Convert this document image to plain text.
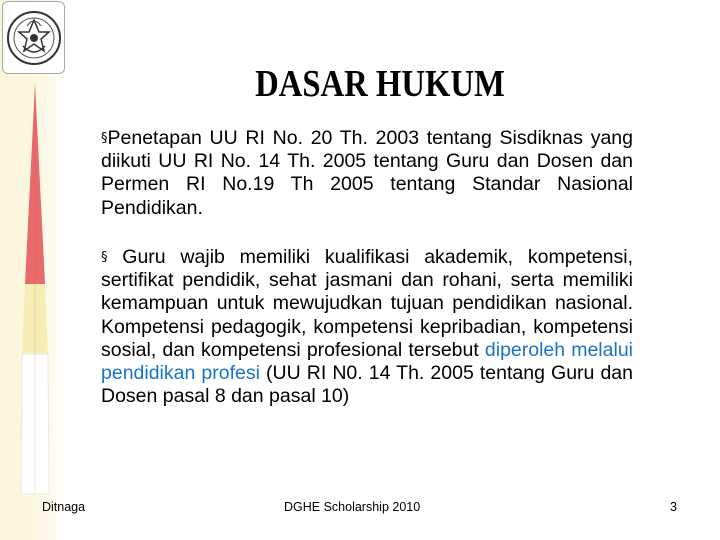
DASAR HUKUM
§Penetapan UU RI No. 20 Th. 2003 tentang Sisdiknas yang diikuti UU RI No. 14 Th. 2005 tentang Guru dan Dosen dan Permen RI No.19 Th 2005 tentang Standar Nasional Pendidikan.
§ Guru wajib memiliki kualifikasi akademik, kompetensi, sertifikat pendidik, sehat jasmani dan rohani, serta memiliki kemampuan untuk mewujudkan tujuan pendidikan nasional. Kompetensi pedagogik, kompetensi kepribadian, kompetensi sosial, dan kompetensi profesional tersebut diperoleh melalui pendidikan profesi (UU RI N0. 14 Th. 2005 tentang Guru dan Dosen pasal 8 dan pasal 10)
Ditnaga	DGHE Scholarship 2010	3
